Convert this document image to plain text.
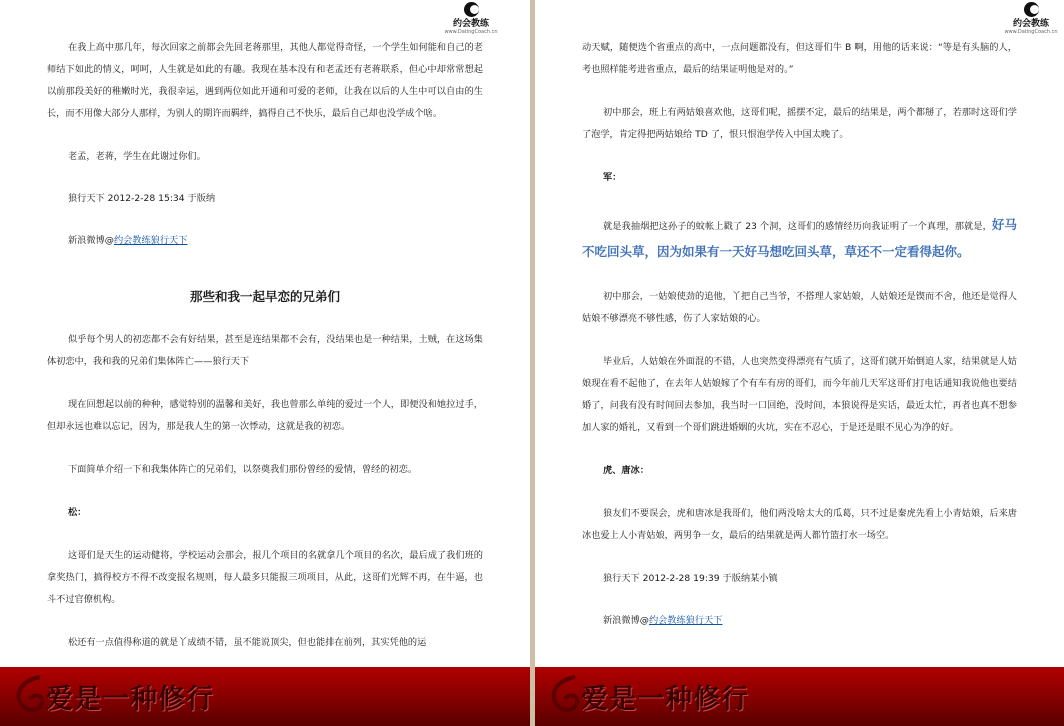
约会教练
www.DatingCoach.cn

在我上高中那几年，每次回家之前都会先回老蒋那里，其他人都觉得奇怪，一个学生如何能和自己的老师结下如此的情义，呵呵，人生就是如此的有趣。我现在基本没有和老孟还有老蒋联系，但心中却常常想起以前那段美好的稚嫩时光，我很幸运，遇到两位如此开通和可爱的老师，让我在以后的人生中可以自由的生长，而不用像大部分人那样，为别人的期许而羁绊，搞得自己不快乐，最后自己却也没学成个啥。

老孟，老蒋，学生在此谢过你们。

狼行天下 2012-2-28 15:34 于版纳

新浪微博@约会教练狼行天下

那些和我一起早恋的兄弟们

似乎每个男人的初恋都不会有好结果，甚至是连结果都不会有，没结果也是一种结果，土贼，在这场集体初恋中，我和我的兄弟们集体阵亡——狼行天下

现在回想起以前的种种，感觉特别的温馨和美好，我也曾那么单纯的爱过一个人，即便没和她拉过手，但却永远也难以忘记，因为，那是我人生的第一次悸动，这就是我的初恋。

下面简单介绍一下和我集体阵亡的兄弟们，以祭奠我们那份曾经的爱情，曾经的初恋。

松：

这哥们是天生的运动健将，学校运动会那会，报几个项目的名就拿几个项目的名次，最后成了我们班的拿奖热门，搞得校方不得不改变报名规则，每人最多只能报三项项目，从此，这哥们光辉不再，在牛逼，也斗不过官僚机构。

松还有一点值得称道的就是丫成绩不错，虽不能说顶尖，但也能排在前列，其实凭他的运

爱是一种修行
约会教练
www.DatingCoach.cn

动天赋，随便选个省重点的高中，一点问题都没有，但这哥们牛 B 啊，用他的话来说：“等是有头脑的人，考也照样能考进省重点，最后的结果证明他是对的。”

初中那会，班上有两姑娘喜欢他，这哥们呢，摇摆不定，最后的结果是，两个都掰了，若那时这哥们学了泡学，肯定得把两姑娘给 TD 了，恨只恨泡学传入中国太晚了。

军：

就是我抽烟把这孙子的蚊帐上戳了 23 个洞，这哥们的感情经历向我证明了一个真理，那就是，好马不吃回头草，因为如果有一天好马想吃回头草，草还不一定看得起你。

初中那会，一姑娘使劲的追他，丫把自己当爷，不搭理人家姑娘，人姑娘还是锲而不舍，他还是觉得人姑娘不够漂亮不够性感，伤了人家姑娘的心。

毕业后，人姑娘在外面混的不错，人也突然变得漂亮有气质了，这哥们就开始倒追人家，结果就是人姑娘现在看不起他了，在去年人姑娘嫁了个有车有房的哥们，而今年前几天军这哥们打电话通知我说他也要结婚了，问我有没有时间回去参加，我当时一口回绝，没时间，本狼说得是实话，最近太忙，再者也真不想参加人家的婚礼，又看到一个哥们跳进婚姻的火坑，实在不忍心，于是还是眼不见心为净的好。

虎、唐冰：

狼友们不要误会，虎和唐冰是我哥们，他们两没啥太大的瓜葛，只不过是秦虎先看上小青姑娘，后来唐冰也爱上人小青姑娘，两男争一女，最后的结果就是两人都竹篮打水一场空。

狼行天下 2012-2-28 19:39 于版纳某小镇

新浪微博@约会教练狼行天下

爱是一种修行
